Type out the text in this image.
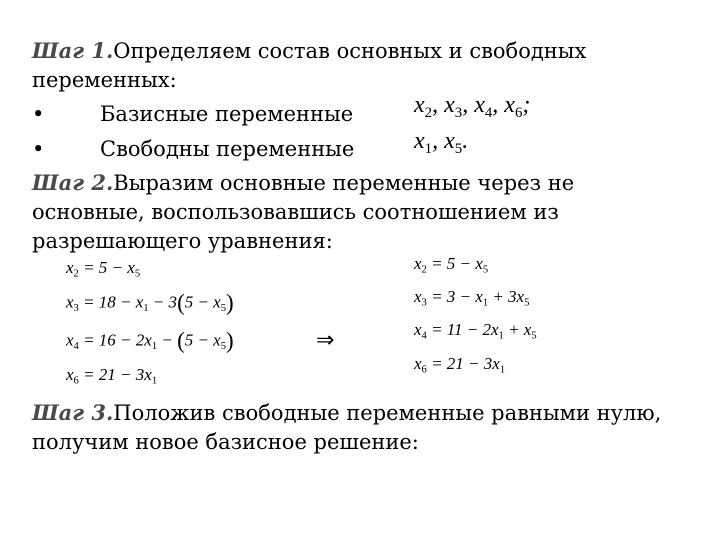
Шаг 1.Определяем состав основных и свободных переменных:
•	Базисные переменные	$x_2$, $x_3$, $x_4$, $x_6$;
•	Свободны переменные $x_1$, $x_5$.
Шаг 2.Выразим основные переменные через не основные, воспользовавшись соотношением из разрешающего уравнения:
$x_2 = 5 - x_5$
$x_3 = 18 - x_1 - 3(5 - x_5)$
$x_4 = 16 - 2x_1 - (5 - x_5)$
$x_6 = 21 - 3x_1$
⇒
$x_2 = 5 - x_5$
$x_3 = 3 - x_1 + 3x_5$
$x_4 = 11 - 2x_1 + x_5$
$x_6 = 21 - 3x_1$
Шаг 3.Положив свободные переменные равными нулю, получим новое базисное решение:
